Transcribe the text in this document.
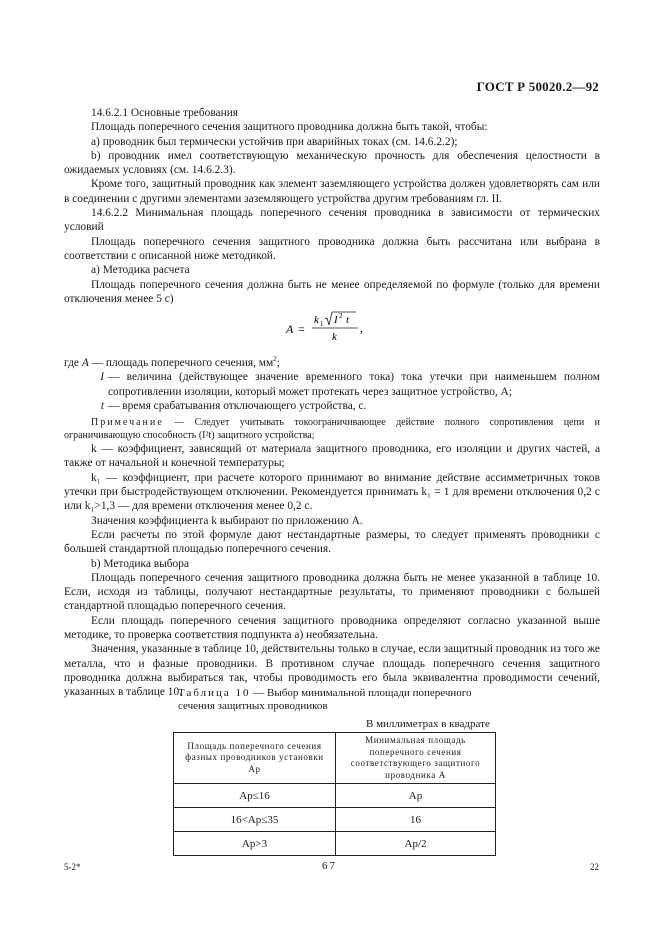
ГОСТ Р 50020.2—92

14.6.2.1 Основные требования

Площадь поперечного сечения защитного проводника должна быть такой, чтобы:

a) проводник был термически устойчив при аварийных токах (см. 14.6.2.2);

b) проводник имел соответствующую механическую прочность для обеспечения целостности в ожидаемых условиях (см. 14.6.2.3).

Кроме того, защитный проводник как элемент заземляющего устройства должен удовлетворять сам или в соединении с другими элементами заземляющего устройства другим требованиям гл. II.

14.6.2.2 Минимальная площадь поперечного сечения проводника в зависимости от термических условий

Площадь поперечного сечения защитного проводника должна быть рассчитана или выбрана в соответствии с описанной ниже методикой.

a) Методика расчета

Площадь поперечного сечения должна быть не менее определяемой по формуле (только для времени отключения менее 5 с)

A =
k 1 I 2 t
k
,
где A — площадь поперечного сечения, $мм^2$;
I — величина (действующее значение временного тока) тока утечки при наименьшем полном сопротивлении изоляции, который может протекать через защитное устройство, А;
t — время срабатывания отключающего устройства, с.

Примечание — Следует учитывать токоограничивающее действие полного сопротивления цепи и ограничивающую способность (I²t) защитного устройства;

k — коэффициент, зависящий от материала защитного проводника, его изоляции и других частей, а также от начальной и конечной температуры;

k₁ — коэффициент, при расчете которого принимают во внимание действие ассимметричных токов утечки при быстродействующем отключении. Рекомендуется принимать k₁ = 1 для времени отключения 0,2 с или k₁>1,3 — для времени отключения менее 0,2 с.

Значения коэффициента k выбирают по приложению А.

Если расчеты по этой формуле дают нестандартные размеры, то следует применять проводники с большей стандартной площадью поперечного сечения.

b) Методика выбора

Площадь поперечного сечения защитного проводника должна быть не менее указанной в таблице 10. Если, исходя из таблицы, получают нестандартные результаты, то применяют проводники с большей стандартной площадью поперечного сечения.

Если площадь поперечного сечения защитного проводника определяют согласно указанной выше методике, то проверка соответствия подпункта a) необязательна.

Значения, указанные в таблице 10, действительны только в случае, если защитный проводник из того же металла, что и фазные проводники. В противном случае площадь поперечного сечения защитного проводника должна выбираться так, чтобы проводимость его была эквивалентна проводимости сечений, указанных в таблице 10.

Таблица 10 — Выбор минимальной площади поперечного сечения защитных проводников
В миллиметрах в квадрате
Площадь поперечного сечения фазных проводников установки Ap	Минимальная площадь поперечного сечения соответствующего защитного проводника A
Ap≤16	Ap
16<Ap≤35	16
Ap>3	Ap/2
5-2*	67	22
